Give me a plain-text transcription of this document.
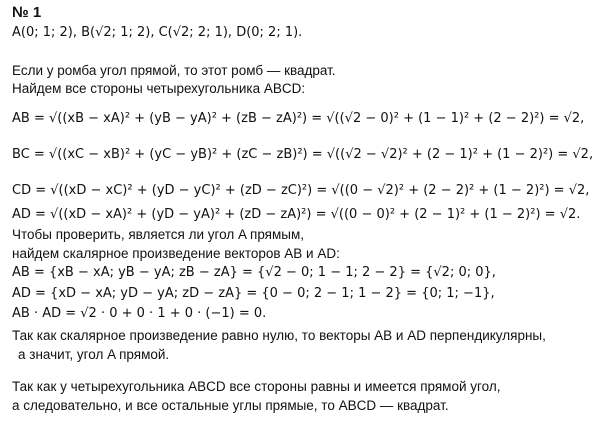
№ 1
A(0; 1; 2), B(√2; 1; 2), C(√2; 2; 1), D(0; 2; 1).
Если у ромба угол прямой, то этот ромб — квадрат.
Найдем все стороны четырехугольника ABCD:
AB = √((xB − xA)² + (yB − yA)² + (zB − zA)²) = √((√2 − 0)² + (1 − 1)² + (2 − 2)²) = √2,
BC = √((xC − xB)² + (yC − yB)² + (zC − zB)²) = √((√2 − √2)² + (2 − 1)² + (1 − 2)²) = √2,
CD = √((xD − xC)² + (yD − yC)² + (zD − zC)²) = √((0 − √2)² + (2 − 2)² + (1 − 2)²) = √2,
AD = √((xD − xA)² + (yD − yA)² + (zD − zA)²) = √((0 − 0)² + (2 − 1)² + (1 − 2)²) = √2.
Чтобы проверить, является ли угол A прямым,
найдем скалярное произведение векторов AB и AD:
AB = {xB − xA; yB − yA; zB − zA} = {√2 − 0; 1 − 1; 2 − 2} = {√2; 0; 0},
AD = {xD − xA; yD − yA; zD − zA} = {0 − 0; 2 − 1; 1 − 2} = {0; 1; −1},
AB · AD = √2 · 0 + 0 · 1 + 0 · (−1) = 0.
Так как скалярное произведение равно нулю, то векторы AB и AD перпендикулярны,
а значит, угол A прямой.
Так как у четырехугольника ABCD все стороны равны и имеется прямой угол,
а следовательно, и все остальные углы прямые, то ABCD — квадрат.
